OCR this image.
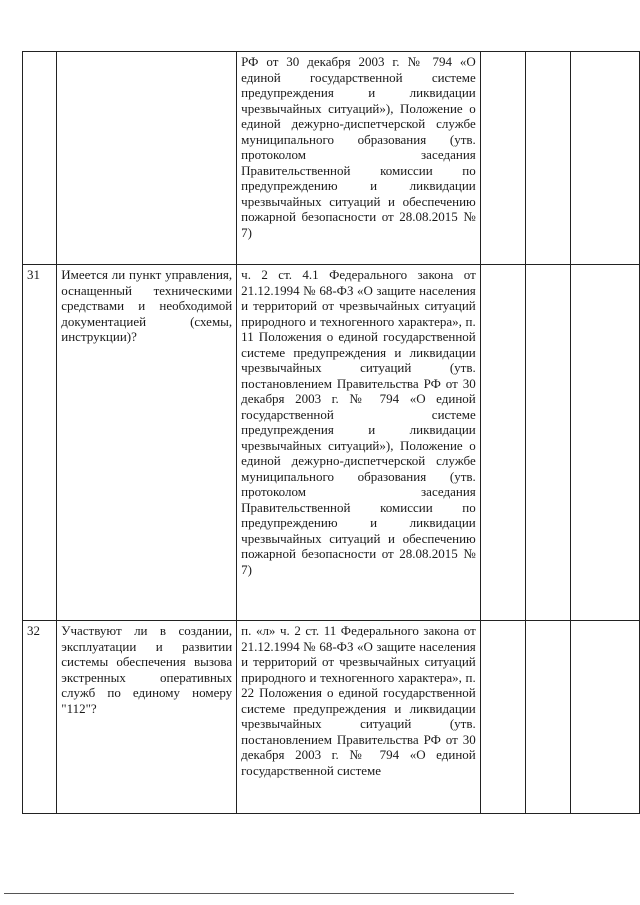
		РФ от 30 декабря 2003 г. № 794 «О единой государственной системе предупреждения и ликвидации чрезвычайных ситуаций»), Положение о единой дежурно-диспетчерской службе муниципального образования (утв. протоколом заседания Правительственной комиссии по предупреждению и ликвидации чрезвычайных ситуаций и обеспечению пожарной безопасности от 28.08.2015 № 7)			
31	Имеется ли пункт управления, оснащенный техническими средствами и необходимой документацией (схемы, инструкции)?	ч. 2 ст. 4.1 Федерального закона от 21.12.1994 № 68-ФЗ «О защите населения и территорий от чрезвычайных ситуаций природного и техногенного характера», п. 11 Положения о единой государственной системе предупреждения и ликвидации чрезвычайных ситуаций (утв. постановлением Правительства РФ от 30 декабря 2003 г. № 794 «О единой государственной системе предупреждения и ликвидации чрезвычайных ситуаций»), Положение о единой дежурно-диспетчерской службе муниципального образования (утв. протоколом заседания Правительственной комиссии по предупреждению и ликвидации чрезвычайных ситуаций и обеспечению пожарной безопасности от 28.08.2015 № 7)			
32	Участвуют ли в создании, эксплуатации и развитии системы обеспечения вызова экстренных оперативных служб по единому номеру "112"?	п. «л» ч. 2 ст. 11 Федерального закона от 21.12.1994 № 68-ФЗ «О защите населения и территорий от чрезвычайных ситуаций природного и техногенного характера», п. 22 Положения о единой государственной системе предупреждения и ликвидации чрезвычайных ситуаций (утв. постановлением Правительства РФ от 30 декабря 2003 г. № 794 «О единой государственной системе			
